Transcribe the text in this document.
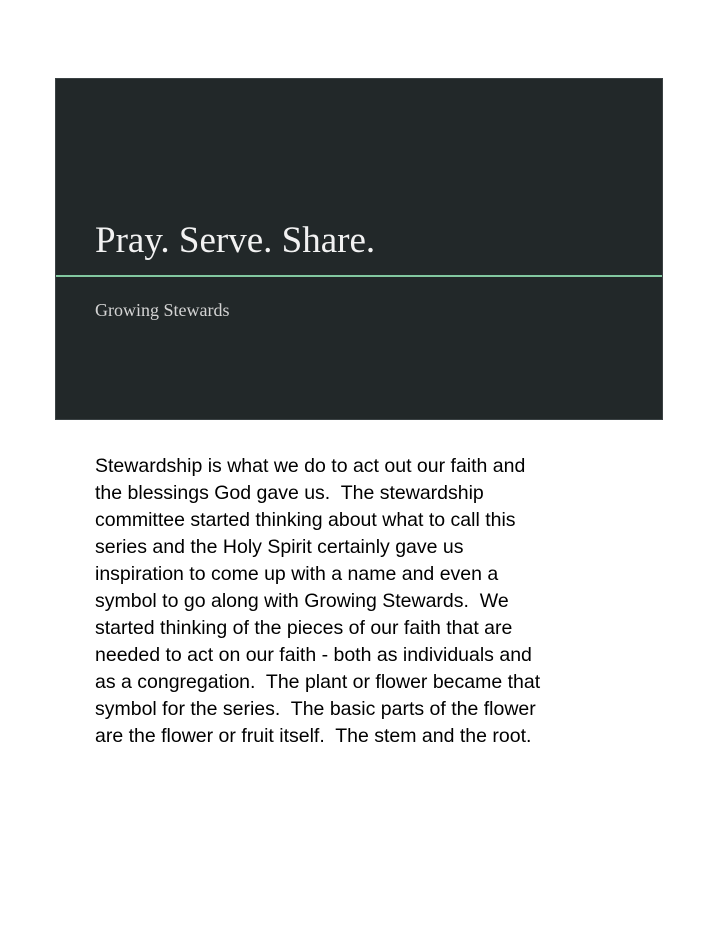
Pray. Serve. Share.

Growing Stewards

Stewardship is what we do to act out our faith and
the blessings God gave us.  The stewardship
committee started thinking about what to call this
series and the Holy Spirit certainly gave us
inspiration to come up with a name and even a
symbol to go along with Growing Stewards.  We
started thinking of the pieces of our faith that are
needed to act on our faith - both as individuals and
as a congregation.  The plant or flower became that
symbol for the series.  The basic parts of the flower
are the flower or fruit itself.  The stem and the root.
